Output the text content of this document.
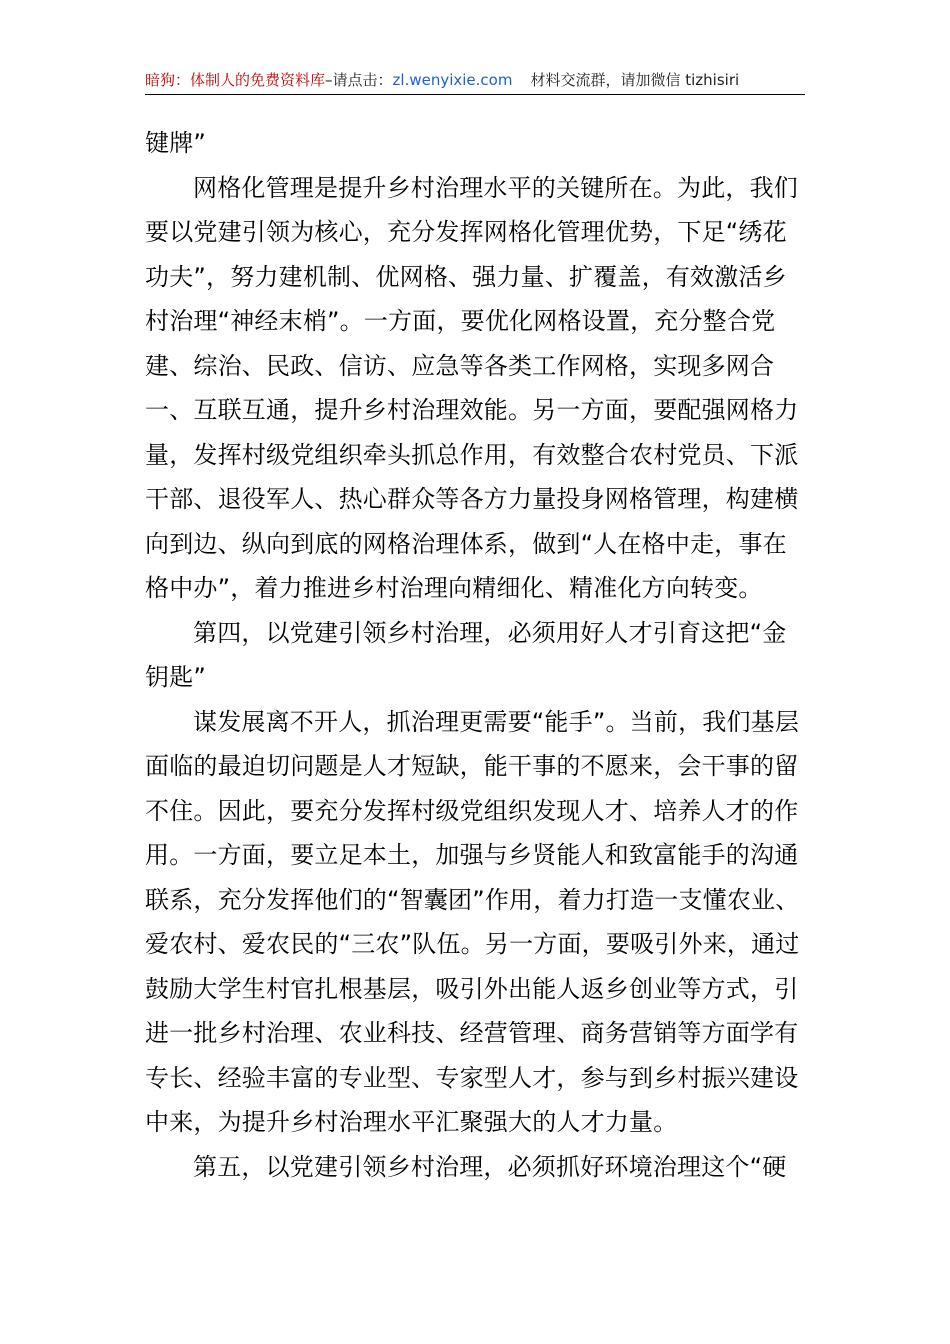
暗狗：体制人的免费资料库–请点击：zl.wenyixie.com 材料交流群，请加微信 tizhisiri

键牌”

网格化管理是提升乡村治理水平的关键所在。为此，我们要以党建引领为核心，充分发挥网格化管理优势，下足“绣花功夫”，努力建机制、优网格、强力量、扩覆盖，有效激活乡村治理“神经末梢”。一方面，要优化网格设置，充分整合党建、综治、民政、信访、应急等各类工作网格，实现多网合一、互联互通，提升乡村治理效能。另一方面，要配强网格力量，发挥村级党组织牵头抓总作用，有效整合农村党员、下派干部、退役军人、热心群众等各方力量投身网格管理，构建横向到边、纵向到底的网格治理体系，做到“人在格中走，事在格中办”，着力推进乡村治理向精细化、精准化方向转变。

第四，以党建引领乡村治理，必须用好人才引育这把“金钥匙”

谋发展离不开人，抓治理更需要“能手”。当前，我们基层面临的最迫切问题是人才短缺，能干事的不愿来，会干事的留不住。因此，要充分发挥村级党组织发现人才、培养人才的作用。一方面，要立足本土，加强与乡贤能人和致富能手的沟通联系，充分发挥他们的“智囊团”作用，着力打造一支懂农业、爱农村、爱农民的“三农”队伍。另一方面，要吸引外来，通过鼓励大学生村官扎根基层，吸引外出能人返乡创业等方式，引进一批乡村治理、农业科技、经营管理、商务营销等方面学有专长、经验丰富的专业型、专家型人才，参与到乡村振兴建设中来，为提升乡村治理水平汇聚强大的人才力量。

第五，以党建引领乡村治理，必须抓好环境治理这个“硬
